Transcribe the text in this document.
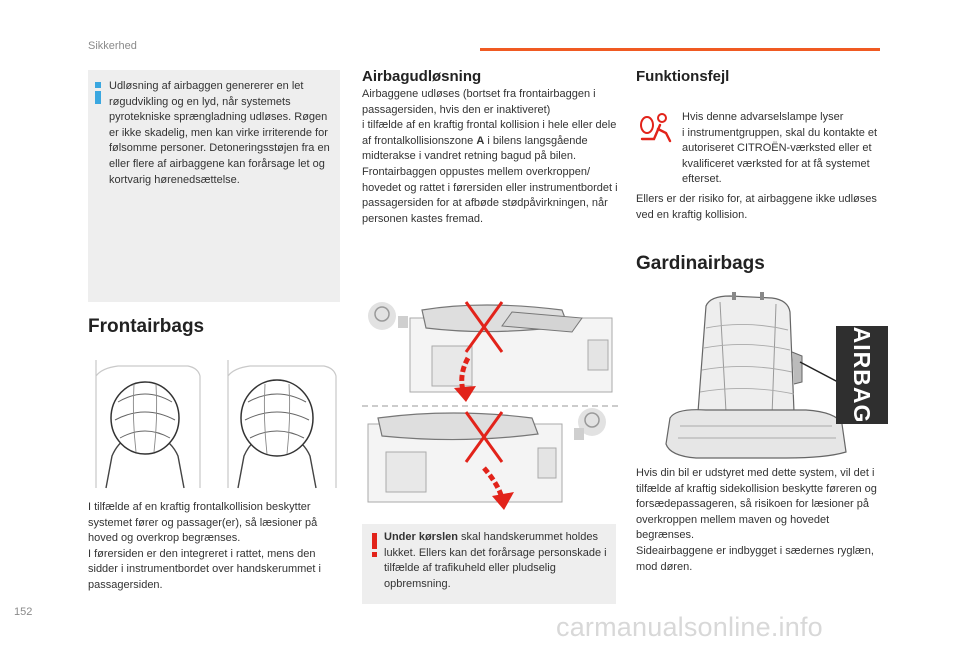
Sikkerhed
Udløsning af airbaggen genererer en let røgudvikling og en lyd, når systemets pyrotekniske sprængladning udløses. Røgen er ikke skadelig, men kan virke irriterende for følsomme personer. Detoneringsstøjen fra en eller flere af airbaggene kan forårsage let og kortvarig hørenedsættelse.
Frontairbags
I tilfælde af en kraftig frontalkollision beskytter systemet fører og passager(er), så læsioner på hoved og overkrop begrænses.
I førersiden er den integreret i rattet, mens den sidder i instrumentbordet over handskerummet i passagersiden.
Airbagudløsning
Airbaggene udløses (bortset fra frontairbaggen i passagersiden, hvis den er inaktiveret)
i tilfælde af en kraftig frontal kollision i hele eller dele af frontalkollisionszone A i bilens langsgående midterakse i vandret retning bagud på bilen.
Frontairbaggen oppustes mellem overkroppen/ hovedet og rattet i førersiden eller instrumentbordet i passagersiden for at afbøde stødpåvirkningen, når personen kastes fremad.
Under kørslen skal handskerummet holdes lukket. Ellers kan det forårsage personskade i tilfælde af trafikuheld eller pludselig opbremsning.
Funktionsfejl
Hvis denne advarselslampe lyser
i instrumentgruppen, skal du kontakte et autoriseret CITROËN-værksted eller et kvalificeret værksted for at få systemet efterset.
Ellers er der risiko for, at airbaggene ikke udløses ved en kraftig kollision.
Gardinairbags
AIRBAG
Hvis din bil er udstyret med dette system, vil det i tilfælde af kraftig sidekollision beskytte føreren og forsædepassageren, så risikoen for læsioner på overkroppen mellem maven og hovedet begrænses.
Sideairbaggene er indbygget i sædernes ryglæn, mod døren.
152	carmanualsonline.info
